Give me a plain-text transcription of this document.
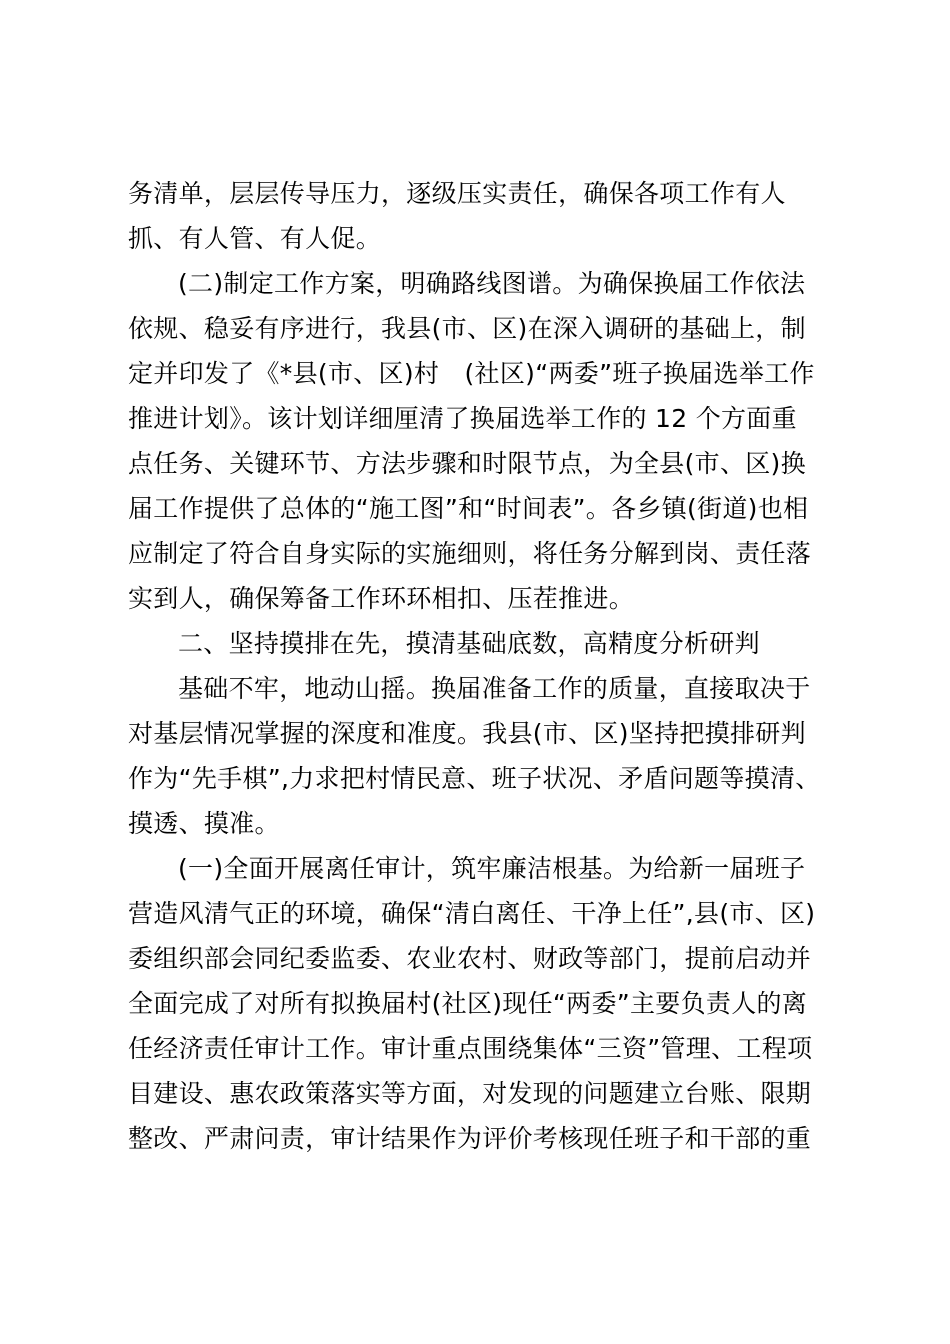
务清单，层层传导压力，逐级压实责任，确保各项工作有人
抓、有人管、有人促。
(二)制定工作方案，明确路线图谱。为确保换届工作依法
依规、稳妥有序进行，我县(市、区)在深入调研的基础上，制
定并印发了《*县(市、区)村　(社区)“两委”班子换届选举工作
推进计划》。该计划详细厘清了换届选举工作的 12 个方面重
点任务、关键环节、方法步骤和时限节点，为全县(市、区)换
届工作提供了总体的“施工图”和“时间表”。各乡镇(街道)也相
应制定了符合自身实际的实施细则，将任务分解到岗、责任落
实到人，确保筹备工作环环相扣、压茬推进。
二、坚持摸排在先，摸清基础底数，高精度分析研判
基础不牢，地动山摇。换届准备工作的质量，直接取决于
对基层情况掌握的深度和准度。我县(市、区)坚持把摸排研判
作为“先手棋”,力求把村情民意、班子状况、矛盾问题等摸清、
摸透、摸准。
(一)全面开展离任审计，筑牢廉洁根基。为给新一届班子
营造风清气正的环境，确保“清白离任、干净上任”,县(市、区)
委组织部会同纪委监委、农业农村、财政等部门，提前启动并
全面完成了对所有拟换届村(社区)现任“两委”主要负责人的离
任经济责任审计工作。审计重点围绕集体“三资”管理、工程项
目建设、惠农政策落实等方面，对发现的问题建立台账、限期
整改、严肃问责，审计结果作为评价考核现任班子和干部的重
